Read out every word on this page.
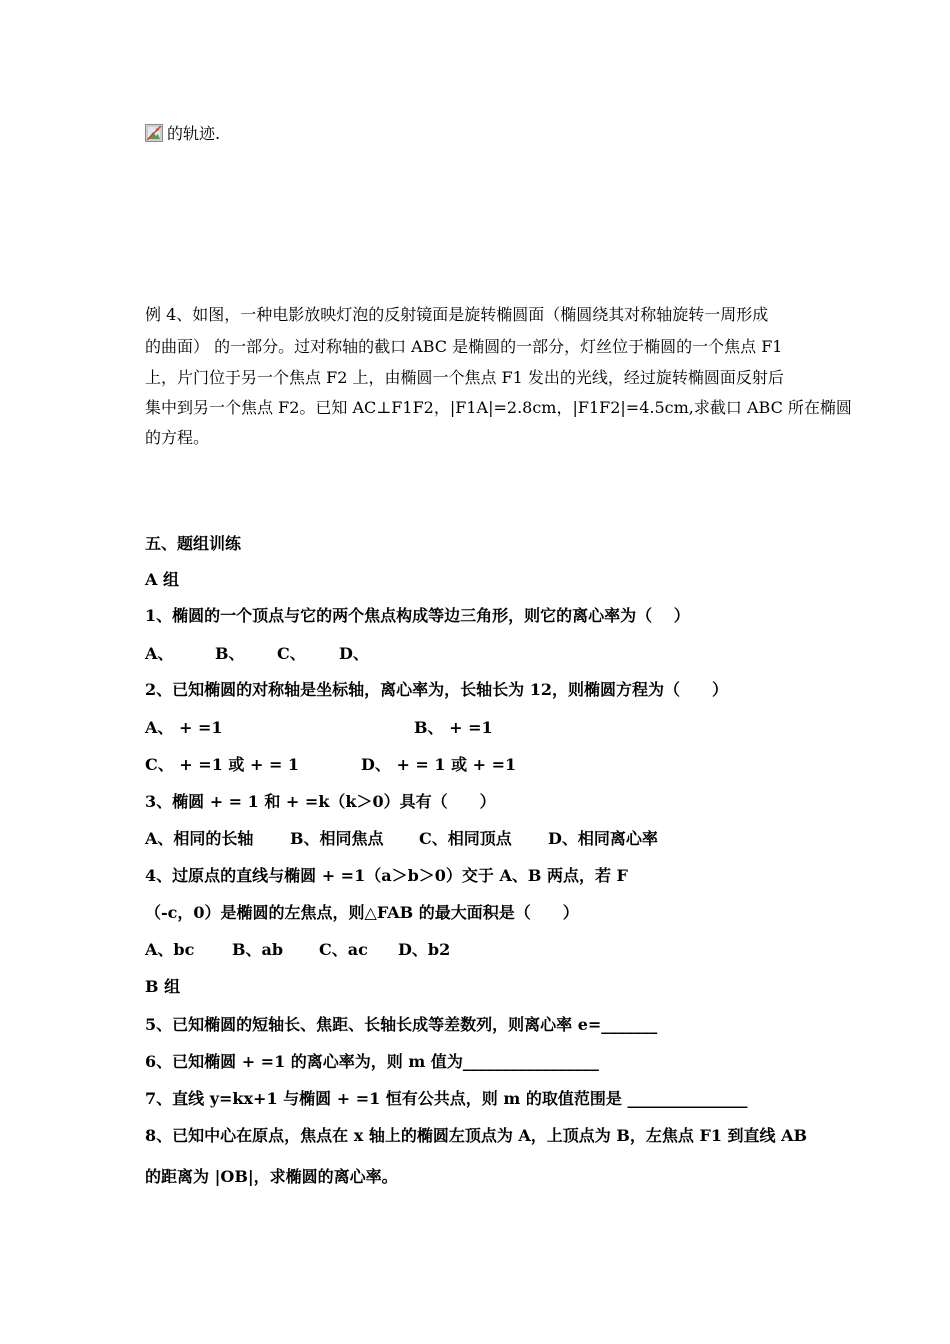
的轨迹.
例 4、如图，一种电影放映灯泡的反射镜面是旋转椭圆面（椭圆绕其对称轴旋转一周形成
的曲面） 的一部分。过对称轴的截口 ABC 是椭圆的一部分，灯丝位于椭圆的一个焦点 F1
上，片门位于另一个焦点 F2 上，由椭圆一个焦点 F1 发出的光线，经过旋转椭圆面反射后
集中到另一个焦点 F2。已知 AC⊥F1F2，|F1A|=2.8cm，|F1F2|=4.5cm,求截口 ABC 所在椭圆
的方程。
五、题组训练
A 组
1、椭圆的一个顶点与它的两个焦点构成等边三角形，则它的离心率为（　 ）
A、	B、 C、 D、
2、已知椭圆的对称轴是坐标轴，离心率为，长轴长为 12，则椭圆方程为（　　）
A、 + =1	B、 + =1
C、 + =1 或 + = 1	D、 + = 1 或 + =1
3、椭圆 + = 1 和 + =k（k＞0）具有（　　）
A、相同的长轴 B、相同焦点 C、相同顶点 D、相同离心率
4、过原点的直线与椭圆 + =1（a＞b＞0）交于 A、B 两点，若 F
（-c，0）是椭圆的左焦点，则△FAB 的最大面积是（　　）
A、bc B、ab C、ac D、b2
B 组
5、已知椭圆的短轴长、焦距、长轴长成等差数列，则离心率 e=_______
6、已知椭圆 + =1 的离心率为，则 m 值为_________________
7、直线 y=kx+1 与椭圆 + =1 恒有公共点，则 m 的取值范围是 _______________
8、已知中心在原点，焦点在 x 轴上的椭圆左顶点为 A，上顶点为 B，左焦点 F1 到直线 AB
的距离为 |OB|，求椭圆的离心率。
